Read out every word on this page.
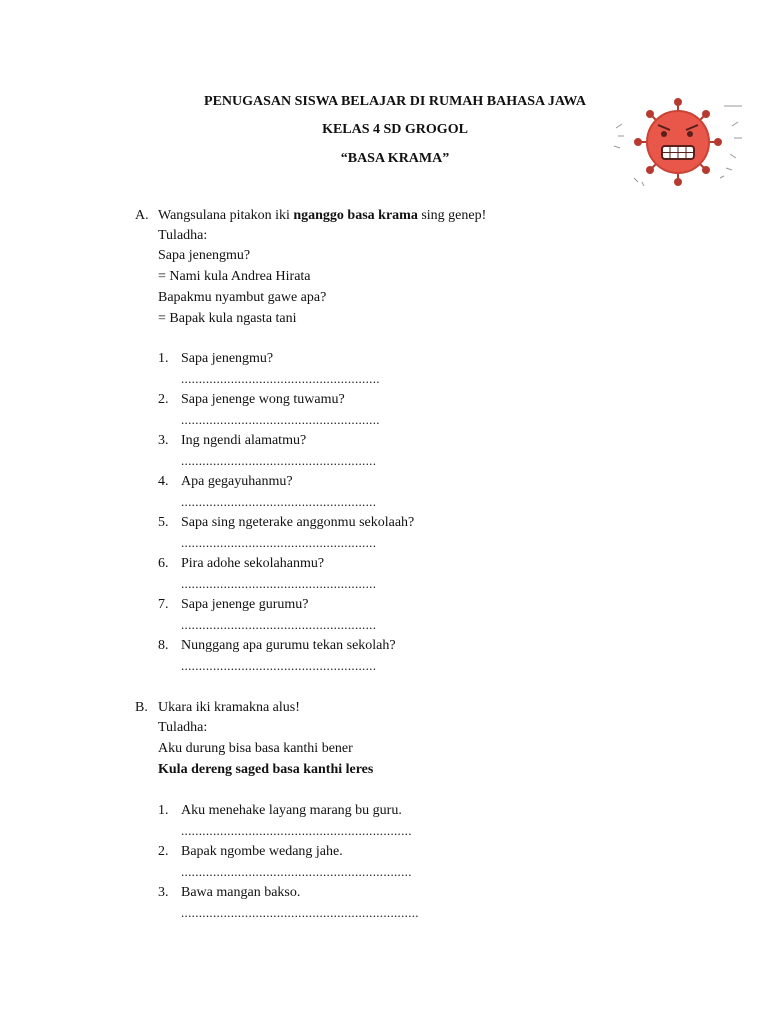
PENUGASAN SISWA BELAJAR DI RUMAH BAHASA JAWA
KELAS 4 SD GROGOL
“BASA KRAMA”
A. Wangsulana pitakon iki nganggo basa krama sing genep!
Tuladha:
Sapa jenengmu?
= Nami kula Andrea Hirata
Bapakmu nyambut gawe apa?
= Bapak kula ngasta tani
1. Sapa jenengmu?
........................................................
2. Sapa jenenge wong tuwamu?
........................................................
3. Ing ngendi alamatmu?
.......................................................
4. Apa gegayuhanmu?
.......................................................
5. Sapa sing ngeterake anggonmu sekolaah?
.......................................................
6. Pira adohe sekolahanmu?
.......................................................
7. Sapa jenenge gurumu?
.......................................................
8. Nunggang apa gurumu tekan sekolah?
.......................................................
B. Ukara iki kramakna alus!
Tuladha:
Aku durung bisa basa kanthi bener
Kula dereng saged basa kanthi leres
1. Aku menehake layang marang bu guru.
.................................................................
2. Bapak ngombe wedang jahe.
.................................................................
3. Bawa mangan bakso.
...................................................................
